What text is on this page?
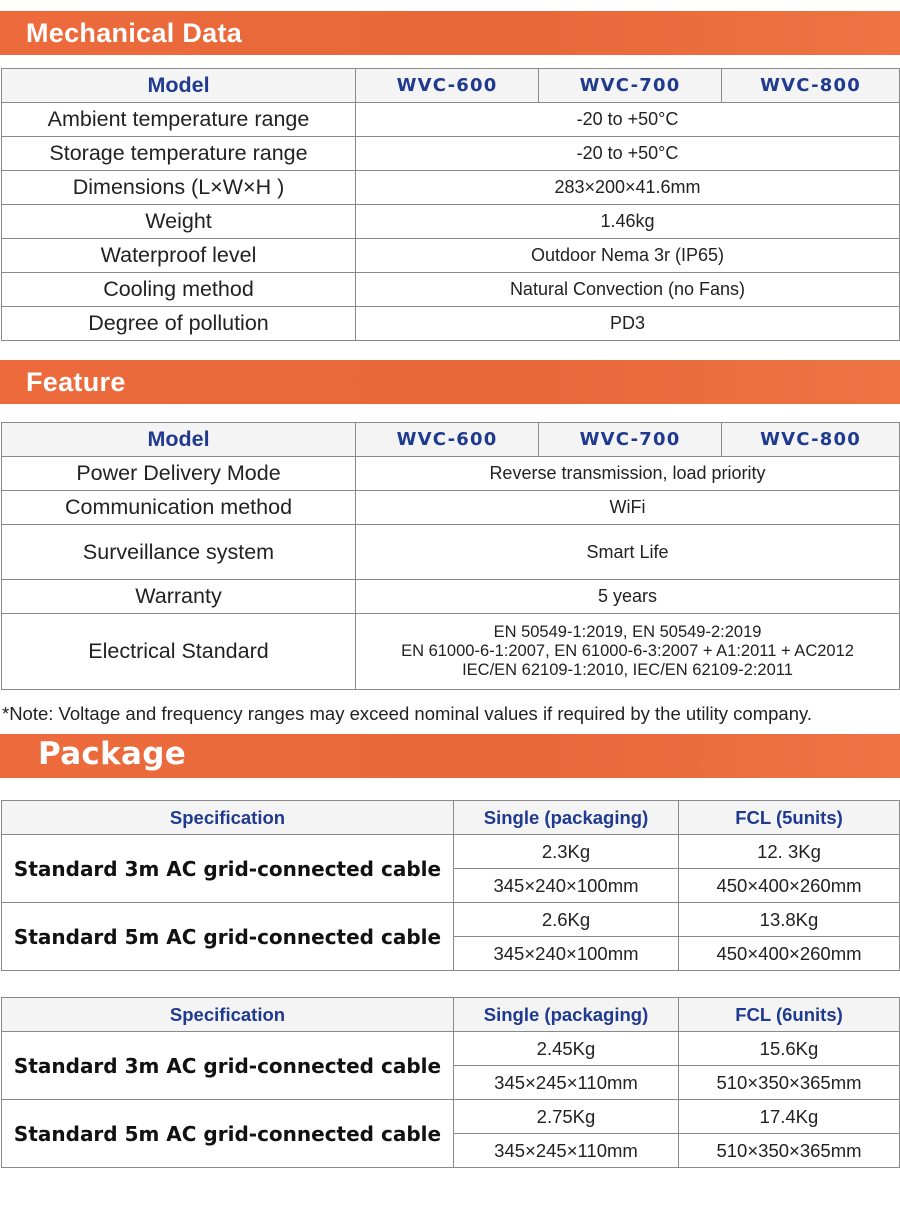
Mechanical Data
Model	WVC-600	WVC-700	WVC-800
Ambient temperature range	-20 to +50°C		
Storage temperature range	-20 to +50°C		
Dimensions (L×W×H )	283×200×41.6mm		
Weight	1.46kg		
Waterproof level	Outdoor Nema 3r (IP65)		
Cooling method	Natural Convection (no Fans)		
Degree of pollution	PD3		
Feature
Model	WVC-600	WVC-700	WVC-800
Power Delivery Mode	Reverse transmission, load priority		
Communication method	WiFi		
Surveillance system	Smart Life		
Warranty	5 years		
Electrical Standard	EN 50549-1:2019, EN 50549-2:2019
EN 61000-6-1:2007, EN 61000-6-3:2007 + A1:2011 + AC2012
IEC/EN 62109-1:2010, IEC/EN 62109-2:2011		
*Note: Voltage and frequency ranges may exceed nominal values if required by the utility company.
Package
Specification	Single (packaging)	FCL (5units)
Standard 3m AC grid-connected cable	2.3Kg	12. 3Kg
	345×240×100mm	450×400×260mm
Standard 5m AC grid-connected cable	2.6Kg	13.8Kg
	345×240×100mm	450×400×260mm
Specification	Single (packaging)	FCL (6units)
Standard 3m AC grid-connected cable	2.45Kg	15.6Kg
	345×245×110mm	510×350×365mm
Standard 5m AC grid-connected cable	2.75Kg	17.4Kg
	345×245×110mm	510×350×365mm
